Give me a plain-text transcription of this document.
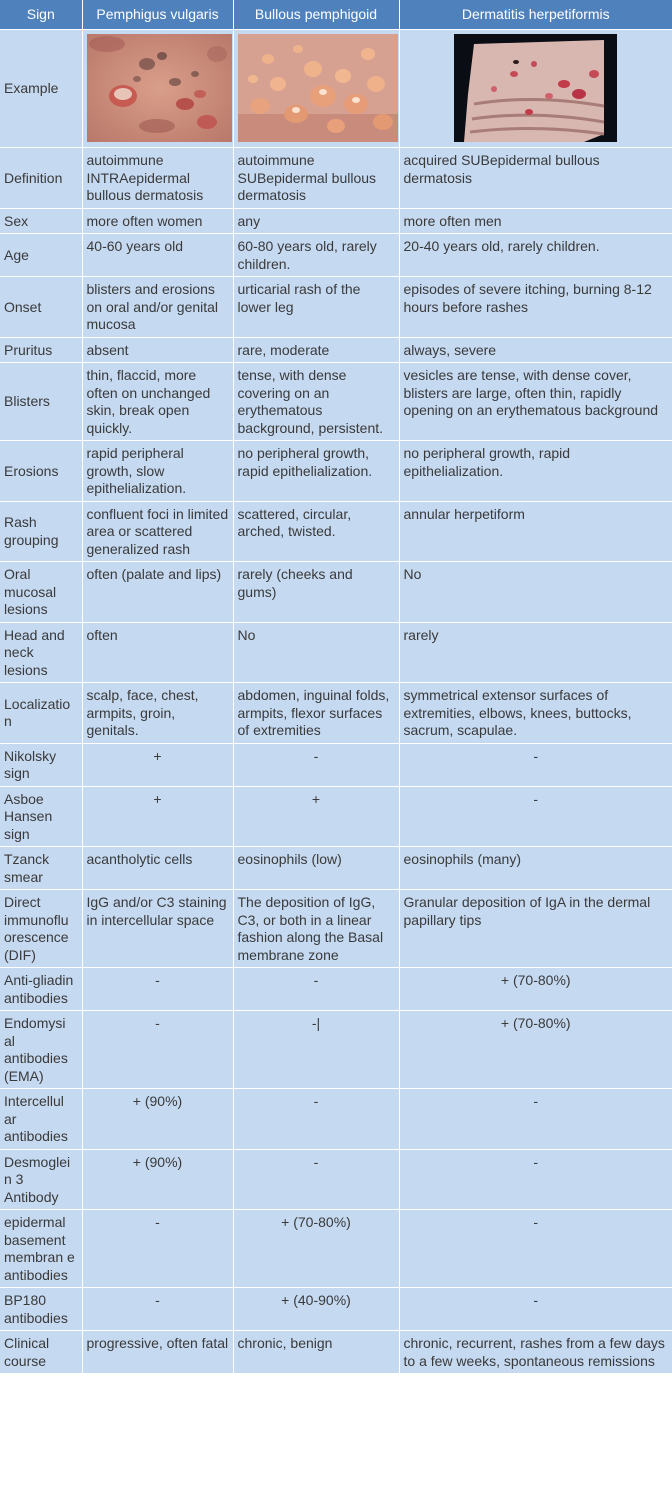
Sign	Pemphigus vulgaris	Bullous pemphigoid	Dermatitis herpetiformis
Example	

Definition	autoimmune INTRAepidermal bullous dermatosis	autoimmune SUBepidermal bullous dermatosis	acquired SUBepidermal bullous dermatosis
Sex	more often women	any	more often men
Age	40-60 years old	60-80 years old, rarely children.	20-40 years old, rarely children.
Onset	blisters and erosions on oral and/or genital mucosa	urticarial rash of the lower leg	episodes of severe itching, burning 8-12 hours before rashes
Pruritus	absent	rare, moderate	always, severe
Blisters	thin, flaccid, more often on unchanged skin, break open quickly.	tense, with dense covering on an erythematous background, persistent.	vesicles are tense, with dense cover, blisters are large, often thin, rapidly opening on an erythematous background
Erosions	rapid peripheral growth, slow epithelialization.	no peripheral growth, rapid epithelialization.	no peripheral growth, rapid epithelialization.
Rash grouping	confluent foci in limited area or scattered generalized rash	scattered, circular, arched, twisted.	annular herpetiform
Oral mucosal lesions	often (palate and lips)	rarely (cheeks and gums)	No
Head and neck lesions	often	No	rarely
Localizatio n	scalp, face, chest, armpits, groin, genitals.	abdomen, inguinal folds, armpits, flexor surfaces of extremities	symmetrical extensor surfaces of extremities, elbows, knees, buttocks, sacrum, scapulae.
Nikolsky sign	+	-	-
Asboe Hansen sign	+	+	-
Tzanck smear	acantholytic cells	eosinophils (low)	eosinophils (many)
Direct immunoflu orescence (DIF)	IgG and/or C3 staining in intercellular space	The deposition of IgG, C3, or both in a linear fashion along the Basal membrane zone	Granular deposition of IgA in the dermal papillary tips
Anti-gliadin antibodies	-	-	+ (70-80%)
Endomysi al antibodies (EMA)	-	-|	+ (70-80%)
Intercellul ar antibodies	+ (90%)	-	-
Desmoglei n 3 Antibody	+ (90%)	-	-
epidermal basement membran e antibodies	-	+ (70-80%)	-
BP180 antibodies	-	+ (40-90%)	-
Clinical course	progressive, often fatal	chronic, benign	chronic, recurrent, rashes from a few days to a few weeks, spontaneous remissions
